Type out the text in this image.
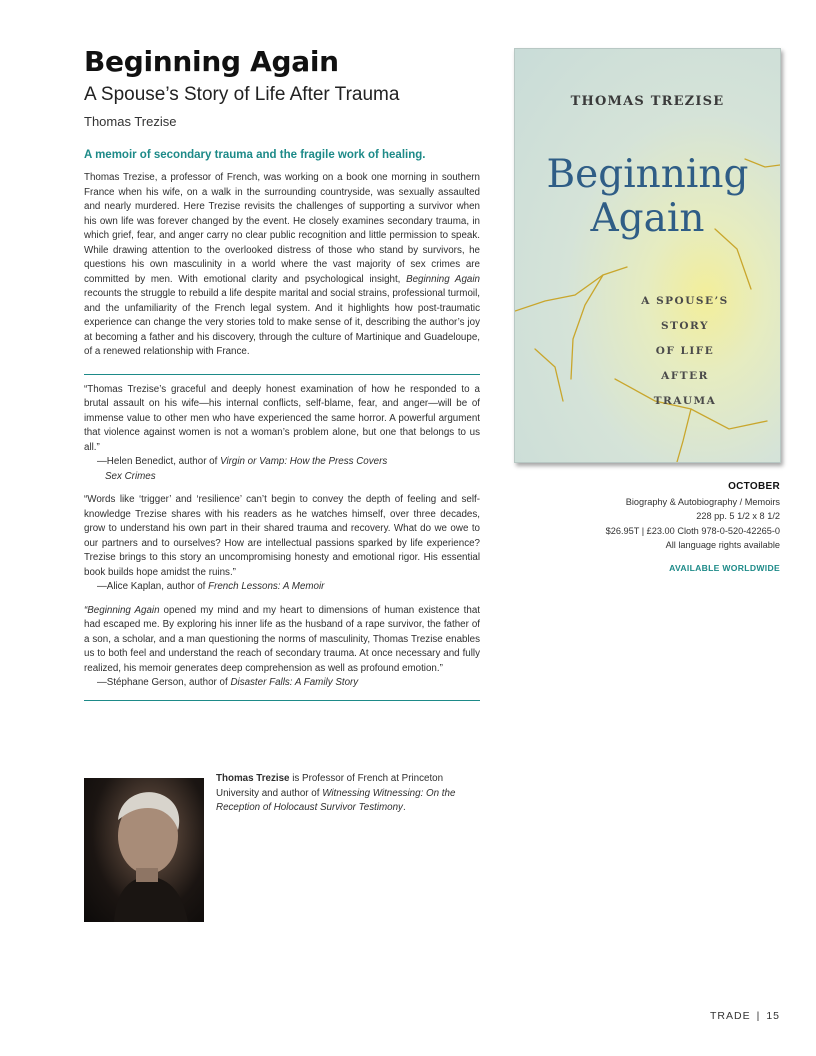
Beginning Again

A Spouse’s Story of Life After Trauma

Thomas Trezise

A memoir of secondary trauma and the fragile work of healing.

Thomas Trezise, a professor of French, was working on a book one morning in southern France when his wife, on a walk in the surrounding countryside, was sexually assaulted and nearly murdered. Here Trezise revisits the challenges of supporting a survivor when his own life was forever changed by the event. He closely examines secondary trauma, in which grief, fear, and anger carry no clear public recognition and little permission to speak. While drawing attention to the overlooked distress of those who stand by survivors, he questions his own masculinity in a world where the vast majority of sex crimes are committed by men. With emotional clarity and psychological insight, Beginning Again recounts the struggle to rebuild a life despite marital and social strains, professional turmoil, and the unfamiliarity of the French legal system. And it highlights how post-traumatic experience can change the very stories told to make sense of it, describing the author’s joy at becoming a father and his discovery, through the culture of Martinique and Guadeloupe, of a renewed relationship with France.

“Thomas Trezise’s graceful and deeply honest examination of how he responded to a brutal assault on his wife—his internal conflicts, self-blame, fear, and anger—will be of immense value to other men who have experienced the same horror. A powerful argument that violence against women is not a woman’s problem alone, but one that belongs to us all.”

—Helen Benedict, author of Virgin or Vamp: How the Press Covers
Sex Crimes

“Words like ‘trigger’ and ‘resilience’ can’t begin to convey the depth of feeling and self-knowledge Trezise shares with his readers as he watches himself, over three decades, grow to understand his own part in their shared trauma and recovery. What do we owe to our partners and to ourselves? How are intellectual passions sparked by life experience? Trezise brings to this story an uncompromising honesty and emotional rigor. His essential book builds hope amidst the ruins.”

—Alice Kaplan, author of French Lessons: A Memoir

“Beginning Again opened my mind and my heart to dimensions of human existence that had escaped me. By exploring his inner life as the husband of a rape survivor, the father of a son, a scholar, and a man questioning the norms of masculinity, Thomas Trezise enables us to both feel and understand the reach of secondary trauma. At once necessary and fully realized, his memoir generates deep comprehension as well as profound emotion.”

—Stéphane Gerson, author of Disaster Falls: A Family Story

Thomas Trezise is Professor of French at Princeton University and author of Witnessing Witnessing: On the Reception of Holocaust Survivor Testimony.

THOMAS TREZISE
Beginning
Again
A SPOUSE’S
STORY
OF LIFE
AFTER
TRAUMA
OCTOBER
Biography & Autobiography / Memoirs
228 pp. 5 1/2 x 8 1/2
$26.95T | £23.00 Cloth 978-0-520-42265-0
All language rights available
AVAILABLE WORLDWIDE
TRADE | 15
